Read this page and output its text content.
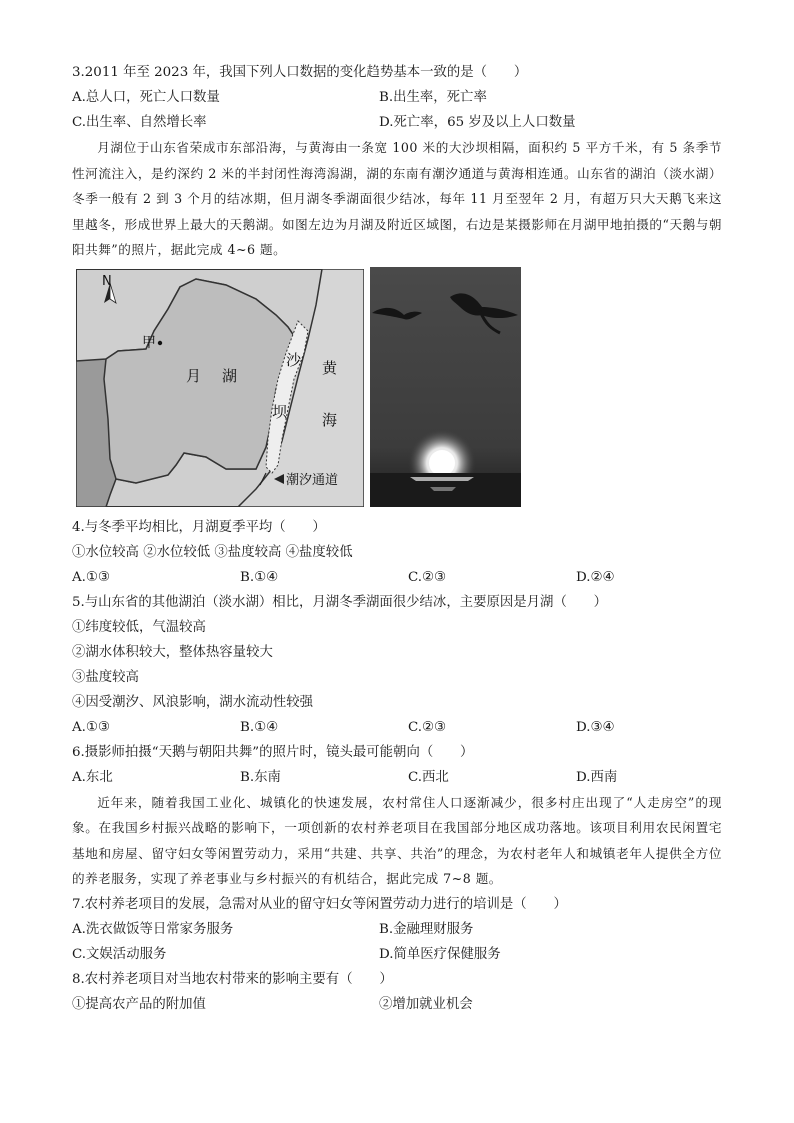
3.2011 年至 2023 年，我国下列人口数据的变化趋势基本一致的是（　　）
A.总人口，死亡人口数量	B.出生率，死亡率
C.出生率、自然增长率	D.死亡率，65 岁及以上人口数量
月湖位于山东省荣成市东部沿海，与黄海由一条宽 100 米的大沙坝相隔，面积约 5 平方千米，有 5 条季节性河流注入，是约深约 2 米的半封闭性海湾潟湖，湖的东南有潮汐通道与黄海相连通。山东省的湖泊（淡水湖）冬季一般有 2 到 3 个月的结冰期，但月湖冬季湖面很少结冰，每年 11 月至翌年 2 月，有超万只大天鹅飞来这里越冬，形成世界上最大的天鹅湖。如图左边为月湖及附近区域图，右边是某摄影师在月湖甲地拍摄的“天鹅与朝阳共舞”的照片，据此完成 4~6 题。
N
甲
月 湖
沙
坝
黄
海
潮汐通道
4.与冬季平均相比，月湖夏季平均（　　）
①水位较高 ②水位较低 ③盐度较高 ④盐度较低
A.①③	B.①④	C.②③	D.②④
5.与山东省的其他湖泊（淡水湖）相比，月湖冬季湖面很少结冰，主要原因是月湖（　　）
①纬度较低，气温较高
②湖水体积较大，整体热容量较大
③盐度较高
④因受潮汐、风浪影响，湖水流动性较强
A.①③	B.①④	C.②③	D.③④
6.摄影师拍摄“天鹅与朝阳共舞”的照片时，镜头最可能朝向（　　）
A.东北	B.东南	C.西北	D.西南
近年来，随着我国工业化、城镇化的快速发展，农村常住人口逐渐减少，很多村庄出现了“人走房空”的现象。在我国乡村振兴战略的影响下，一项创新的农村养老项目在我国部分地区成功落地。该项目利用农民闲置宅基地和房屋、留守妇女等闲置劳动力，采用“共建、共享、共治”的理念，为农村老年人和城镇老年人提供全方位的养老服务，实现了养老事业与乡村振兴的有机结合，据此完成 7~8 题。
7.农村养老项目的发展，急需对从业的留守妇女等闲置劳动力进行的培训是（　　）
A.洗衣做饭等日常家务服务	B.金融理财服务
C.文娱活动服务	D.简单医疗保健服务
8.农村养老项目对当地农村带来的影响主要有（　　）
①提高农产品的附加值	②增加就业机会
